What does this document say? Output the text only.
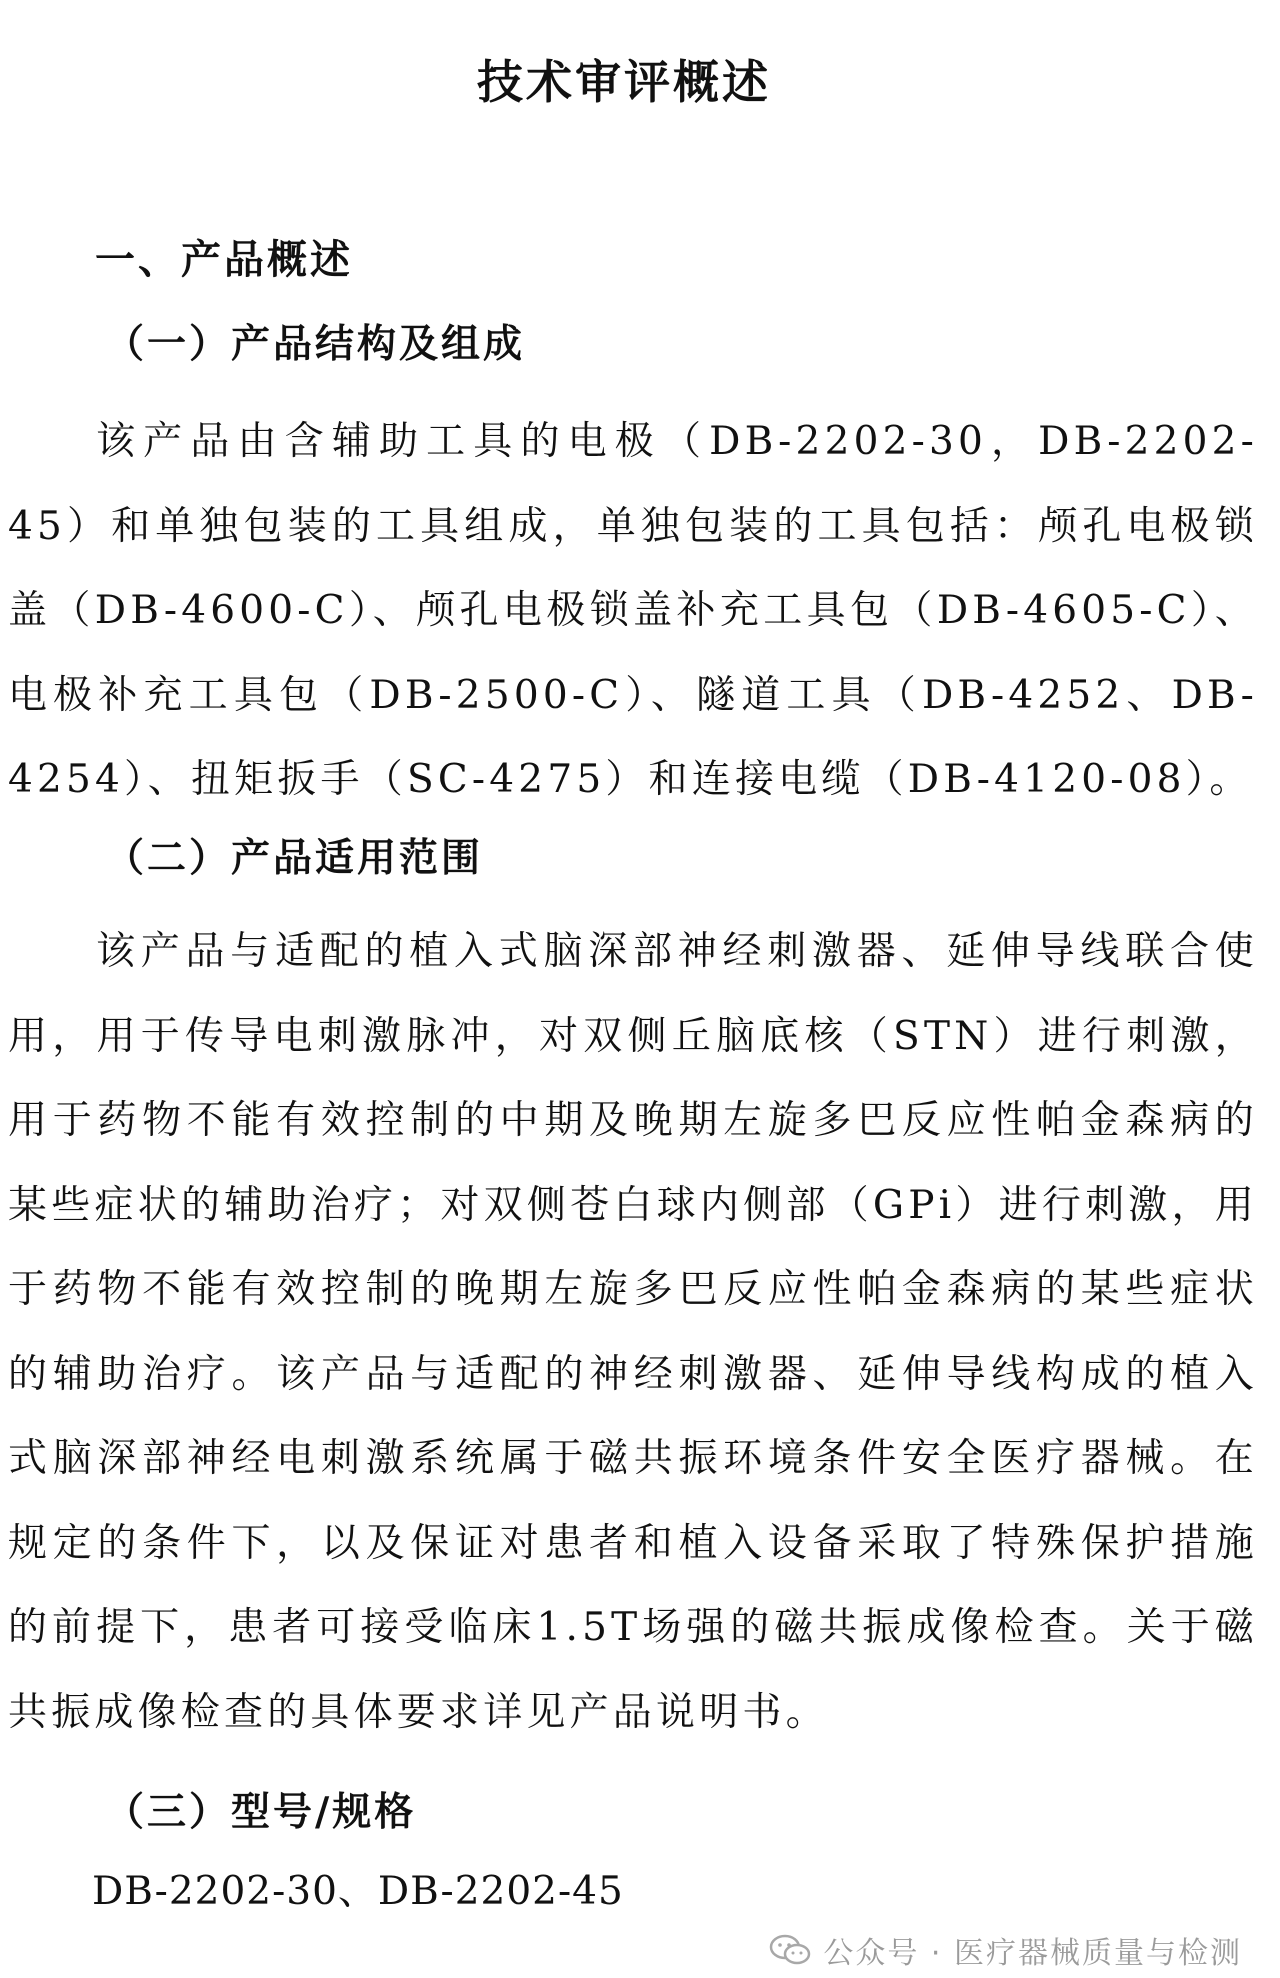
技术审评概述
一、产品概述
（一）产品结构及组成

该产品由含辅助工具的电极（DB-2202-30，DB-2202-45）和单独包装的工具组成，单独包装的工具包括：颅孔电极锁盖（DB-4600-C）、颅孔电极锁盖补充工具包（DB-4605-C）、电极补充工具包（DB-2500-C）、隧道工具（DB-4252、DB-4254）、扭矩扳手（SC-4275）和连接电缆（DB-4120-08）。

（二）产品适用范围

该产品与适配的植入式脑深部神经刺激器、延伸导线联合使用，用于传导电刺激脉冲，对双侧丘脑底核（STN）进行刺激，用于药物不能有效控制的中期及晚期左旋多巴反应性帕金森病的某些症状的辅助治疗；对双侧苍白球内侧部（GPi）进行刺激，用于药物不能有效控制的晚期左旋多巴反应性帕金森病的某些症状的辅助治疗。该产品与适配的神经刺激器、延伸导线构成的植入式脑深部神经电刺激系统属于磁共振环境条件安全医疗器械。在规定的条件下，以及保证对患者和植入设备采取了特殊保护措施的前提下，患者可接受临床1.5T场强的磁共振成像检查。关于磁共振成像检查的具体要求详见产品说明书。

（三）型号/规格
DB-2202-30、DB-2202-45
公众号 · 医疗器械质量与检测
